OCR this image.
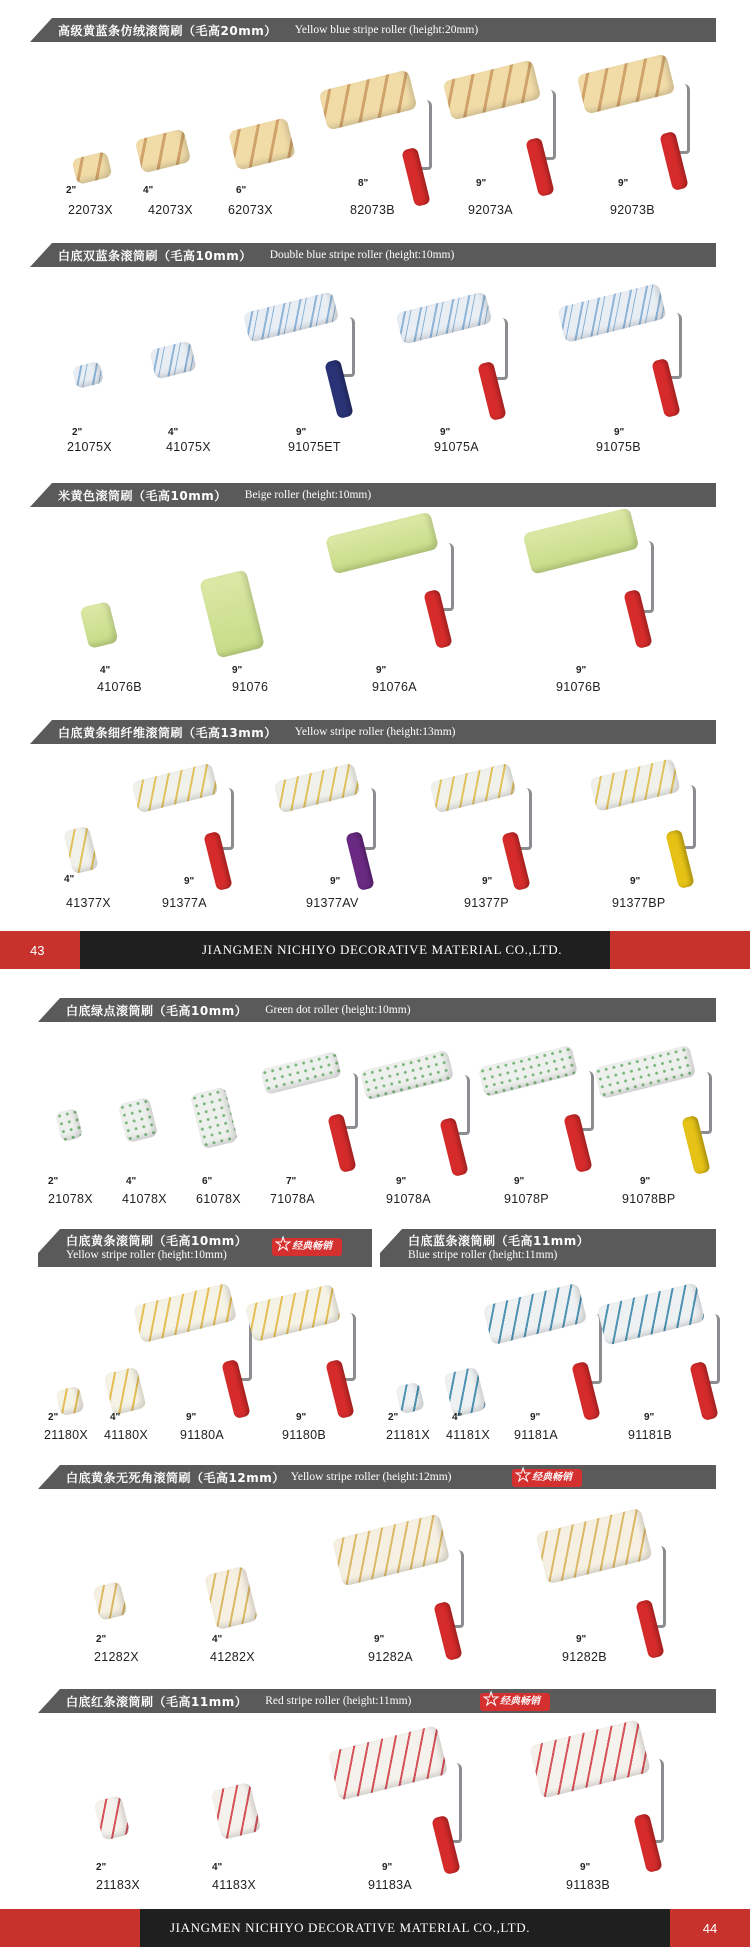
高级黄蓝条仿绒滚筒刷（毛高20mm） Yellow blue stripe roller (height:20mm)
白底双蓝条滚筒刷（毛高10mm） Double blue stripe roller (height:10mm)
米黄色滚筒刷（毛高10mm） Beige roller (height:10mm)
白底黄条细纤维滚筒刷（毛高13mm） Yellow stripe roller (height:13mm)
43	JIANGMEN NICHIYO DECORATIVE MATERIAL CO.,LTD.
白底绿点滚筒刷（毛高10mm） Green dot roller (height:10mm)
白底黄条滚筒刷（毛高10mm）
Yellow stripe roller (height:10mm)	★ 经典畅销	白底蓝条滚筒刷（毛高11mm）
Blue stripe roller (height:11mm)
白底黄条无死角滚筒刷（毛高12mm） Yellow stripe roller (height:12mm)	★ 经典畅销
白底红条滚筒刷（毛高11mm） Red stripe roller (height:11mm)	★ 经典畅销
JIANGMEN NICHIYO DECORATIVE MATERIAL CO.,LTD.	44
2"
22073X
4"
42073X
6"
62073X
8"
82073B
9"
92073A
9"
92073B
2"
21075X
4"
41075X
9"
91075ET
9"
91075A
9"
91075B
4"
41076B
9"
91076
9"
91076A
9"
91076B
4"
41377X
9"
91377A
9"
91377AV
9"
91377P
9"
91377BP
2"
21078X
4"
41078X
6"
61078X
7"
71078A
9"
91078A
9"
91078P
9"
91078BP
2"
21180X
4"
41180X
9"
91180A
9"
91180B
2"
21181X
4"
41181X
9"
91181A
9"
91181B
2"
21282X
4"
41282X
9"
91282A
9"
91282B
2"
21183X
4"
41183X
9"
91183A
9"
91183B
